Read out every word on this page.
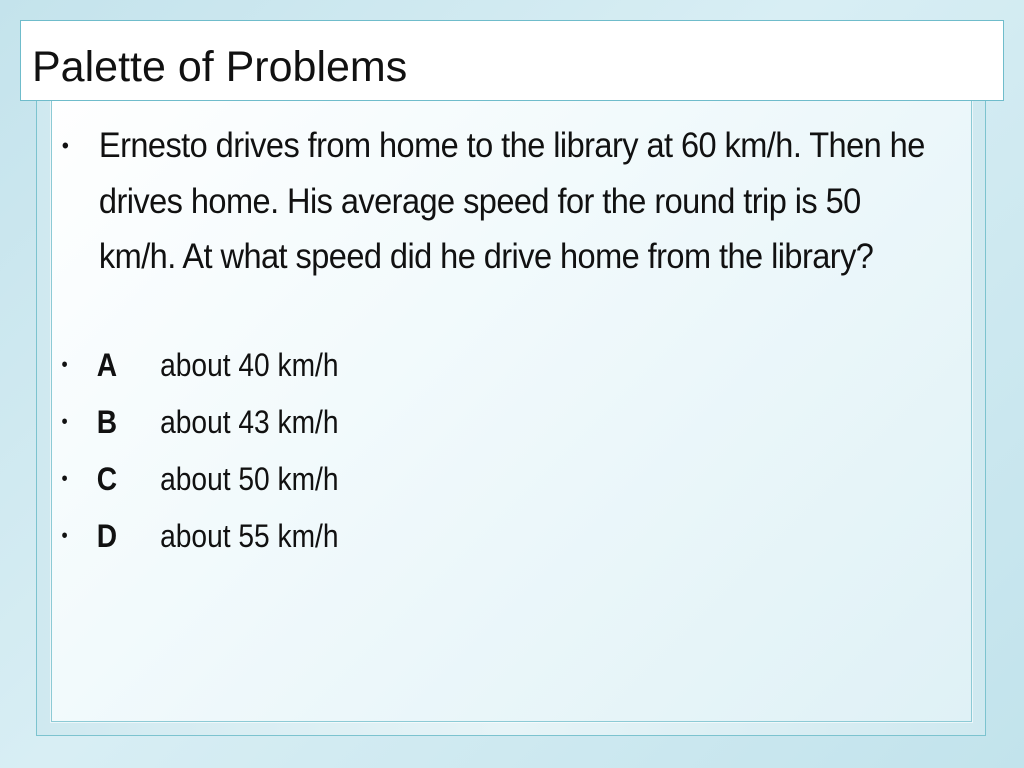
Palette of Problems
• Ernesto drives from home to the library at 60 km/h. Then he drives home. His average speed for the round trip is 50 km/h. At what speed did he drive home from the library?
• A about 40 km/h
• B about 43 km/h
• C about 50 km/h
• D about 55 km/h
